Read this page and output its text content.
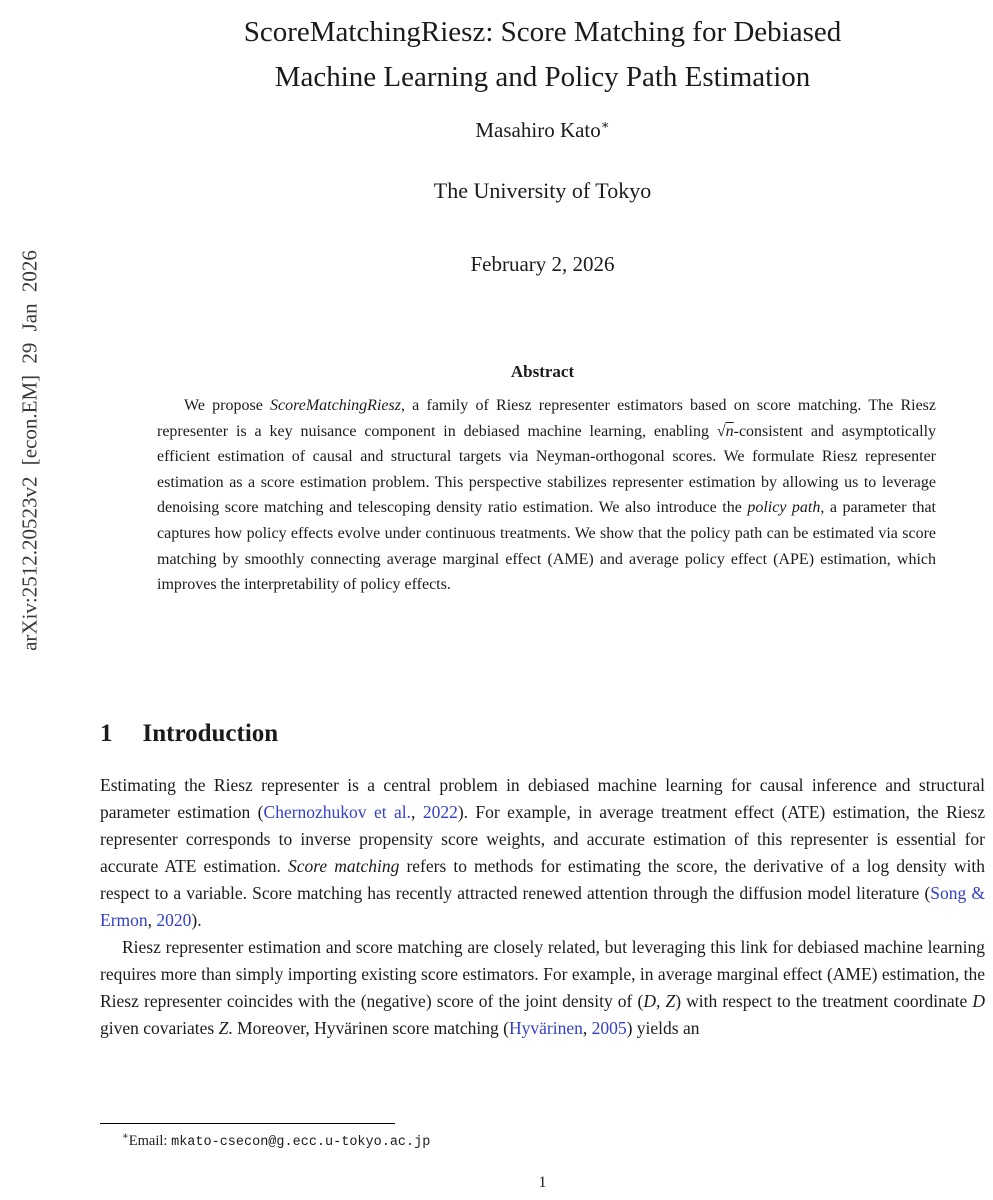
arXiv:2512.20523v2 [econ.EM] 29 Jan 2026
ScoreMatchingRiesz: Score Matching for Debiased
Machine Learning and Policy Path Estimation
Masahiro Kato∗
The University of Tokyo
February 2, 2026
Abstract
We propose ScoreMatchingRiesz, a family of Riesz representer estimators based on score matching. The Riesz representer is a key nuisance component in debiased machine learning, enabling √n-consistent and asymptotically efficient estimation of causal and structural targets via Neyman-orthogonal scores. We formulate Riesz representer estimation as a score estimation problem. This perspective stabilizes representer estimation by allowing us to leverage denoising score matching and telescoping density ratio estimation. We also introduce the policy path, a parameter that captures how policy effects evolve under continuous treatments. We show that the policy path can be estimated via score matching by smoothly connecting average marginal effect (AME) and average policy effect (APE) estimation, which improves the interpretability of policy effects.
1 Introduction

Estimating the Riesz representer is a central problem in debiased machine learning for causal inference and structural parameter estimation (Chernozhukov et al., 2022). For example, in average treatment effect (ATE) estimation, the Riesz representer corresponds to inverse propensity score weights, and accurate estimation of this representer is essential for accurate ATE estimation. Score matching refers to methods for estimating the score, the derivative of a log density with respect to a variable. Score matching has recently attracted renewed attention through the diffusion model literature (Song & Ermon, 2020).

Riesz representer estimation and score matching are closely related, but leveraging this link for debiased machine learning requires more than simply importing existing score estimators. For example, in average marginal effect (AME) estimation, the Riesz representer coincides with the (negative) score of the joint density of (D, Z) with respect to the treatment coordinate D given covariates Z. Moreover, Hyvärinen score matching (Hyvärinen, 2005) yields an

∗Email: mkato-csecon@g.ecc.u-tokyo.ac.jp
1
